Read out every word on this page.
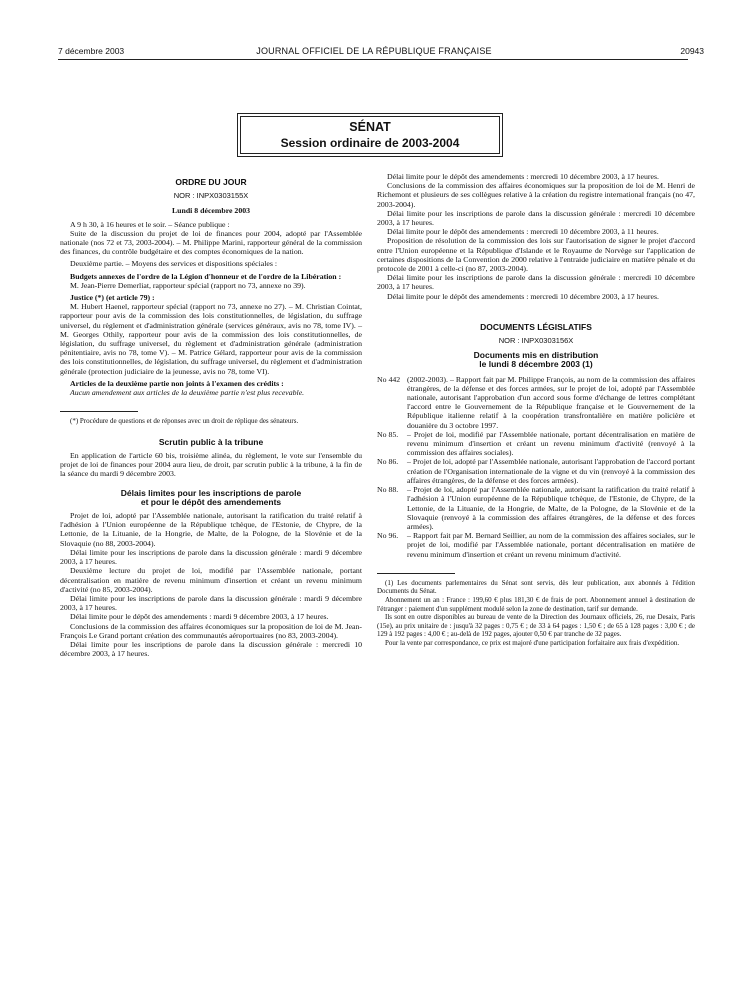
7 décembre 2003	JOURNAL OFFICIEL DE LA RÉPUBLIQUE FRANÇAISE	20943
SÉNAT
Session ordinaire de 2003-2004
ORDRE DU JOUR
NOR : INPX0303155X
Lundi 8 décembre 2003

A 9 h 30, à 16 heures et le soir. – Séance publique :

Suite de la discussion du projet de loi de finances pour 2004, adopté par l'Assemblée nationale (nos 72 et 73, 2003-2004). – M. Philippe Marini, rapporteur général de la commission des finances, du contrôle budgétaire et des comptes économiques de la nation.

Deuxième partie. – Moyens des services et dispositions spéciales :

Budgets annexes de l'ordre de la Légion d'honneur et de l'ordre de la Libération :

M. Jean-Pierre Demerliat, rapporteur spécial (rapport no 73, annexe no 39).

Justice (*) (et article 79) :

M. Hubert Haenel, rapporteur spécial (rapport no 73, annexe no 27). – M. Christian Cointat, rapporteur pour avis de la commission des lois constitutionnelles, de législation, du suffrage universel, du règlement et d'administration générale (services généraux, avis no 78, tome IV). – M. Georges Othily, rapporteur pour avis de la commission des lois constitutionnelles, de législation, du suffrage universel, du règlement et d'administration générale (administration pénitentiaire, avis no 78, tome V). – M. Patrice Gélard, rapporteur pour avis de la commission des lois constitutionnelles, de législation, du suffrage universel, du règlement et d'administration générale (protection judiciaire de la jeunesse, avis no 78, tome VI).

Articles de la deuxième partie non joints à l'examen des crédits :

Aucun amendement aux articles de la deuxième partie n'est plus recevable.

(*) Procédure de questions et de réponses avec un droit de réplique des sénateurs.

Scrutin public à la tribune

En application de l'article 60 bis, troisième alinéa, du règlement, le vote sur l'ensemble du projet de loi de finances pour 2004 aura lieu, de droit, par scrutin public à la tribune, à la fin de la séance du mardi 9 décembre 2003.

Délais limites pour les inscriptions de parole
et pour le dépôt des amendements

Projet de loi, adopté par l'Assemblée nationale, autorisant la ratification du traité relatif à l'adhésion à l'Union européenne de la République tchèque, de l'Estonie, de Chypre, de la Lettonie, de la Lituanie, de la Hongrie, de Malte, de la Pologne, de la Slovénie et de la Slovaquie (no 88, 2003-2004).

Délai limite pour les inscriptions de parole dans la discussion générale : mardi 9 décembre 2003, à 17 heures.

Deuxième lecture du projet de loi, modifié par l'Assemblée nationale, portant décentralisation en matière de revenu minimum d'insertion et créant un revenu minimum d'activité (no 85, 2003-2004).

Délai limite pour les inscriptions de parole dans la discussion générale : mardi 9 décembre 2003, à 17 heures.

Délai limite pour le dépôt des amendements : mardi 9 décembre 2003, à 17 heures.

Conclusions de la commission des affaires économiques sur la proposition de loi de M. Jean-François Le Grand portant création des communautés aéroportuaires (no 83, 2003-2004).

Délai limite pour les inscriptions de parole dans la discussion générale : mercredi 10 décembre 2003, à 17 heures.

Délai limite pour le dépôt des amendements : mercredi 10 décembre 2003, à 17 heures.

Conclusions de la commission des affaires économiques sur la proposition de loi de M. Henri de Richemont et plusieurs de ses collègues relative à la création du registre international français (no 47, 2003-2004).

Délai limite pour les inscriptions de parole dans la discussion générale : mercredi 10 décembre 2003, à 17 heures.

Délai limite pour le dépôt des amendements : mercredi 10 décembre 2003, à 11 heures.

Proposition de résolution de la commission des lois sur l'autorisation de signer le projet d'accord entre l'Union européenne et la République d'Islande et le Royaume de Norvège sur l'application de certaines dispositions de la Convention de 2000 relative à l'entraide judiciaire en matière pénale et du protocole de 2001 à celle-ci (no 87, 2003-2004).

Délai limite pour les inscriptions de parole dans la discussion générale : mercredi 10 décembre 2003, à 17 heures.

Délai limite pour le dépôt des amendements : mercredi 10 décembre 2003, à 17 heures.

DOCUMENTS LÉGISLATIFS
NOR : INPX0303156X
Documents mis en distribution
le lundi 8 décembre 2003 (1)

No 442 (2002-2003). – Rapport fait par M. Philippe François, au nom de la commission des affaires étrangères, de la défense et des forces armées, sur le projet de loi, adopté par l'Assemblée nationale, autorisant l'approbation d'un accord sous forme d'échange de lettres complétant l'accord entre le Gouvernement de la République française et le Gouvernement de la République italienne relatif à la coopération transfrontalière en matière policière et douanière du 3 octobre 1997.

No 85. – Projet de loi, modifié par l'Assemblée nationale, portant décentralisation en matière de revenu minimum d'insertion et créant un revenu minimum d'activité (renvoyé à la commission des affaires sociales).

No 86. – Projet de loi, adopté par l'Assemblée nationale, autorisant l'approbation de l'accord portant création de l'Organisation internationale de la vigne et du vin (renvoyé à la commission des affaires étrangères, de la défense et des forces armées).

No 88. – Projet de loi, adopté par l'Assemblée nationale, autorisant la ratification du traité relatif à l'adhésion à l'Union européenne de la République tchèque, de l'Estonie, de Chypre, de la Lettonie, de la Lituanie, de la Hongrie, de Malte, de la Pologne, de la Slovénie et de la Slovaquie (renvoyé à la commission des affaires étrangères, de la défense et des forces armées).

No 96. – Rapport fait par M. Bernard Seillier, au nom de la commission des affaires sociales, sur le projet de loi, modifié par l'Assemblée nationale, portant décentralisation en matière de revenu minimum d'insertion et créant un revenu minimum d'activité.

(1) Les documents parlementaires du Sénat sont servis, dès leur publication, aux abonnés à l'édition Documents du Sénat.

Abonnement un an : France : 199,60 € plus 181,30 € de frais de port. Abonnement annuel à destination de l'étranger : paiement d'un supplément modulé selon la zone de destination, tarif sur demande.

Ils sont en outre disponibles au bureau de vente de la Direction des Journaux officiels, 26, rue Desaix, Paris (15e), au prix unitaire de : jusqu'à 32 pages : 0,75 € ; de 33 à 64 pages : 1,50 € ; de 65 à 128 pages : 3,00 € ; de 129 à 192 pages : 4,00 € ; au-delà de 192 pages, ajouter 0,50 € par tranche de 32 pages.

Pour la vente par correspondance, ce prix est majoré d'une participation forfaitaire aux frais d'expédition.
